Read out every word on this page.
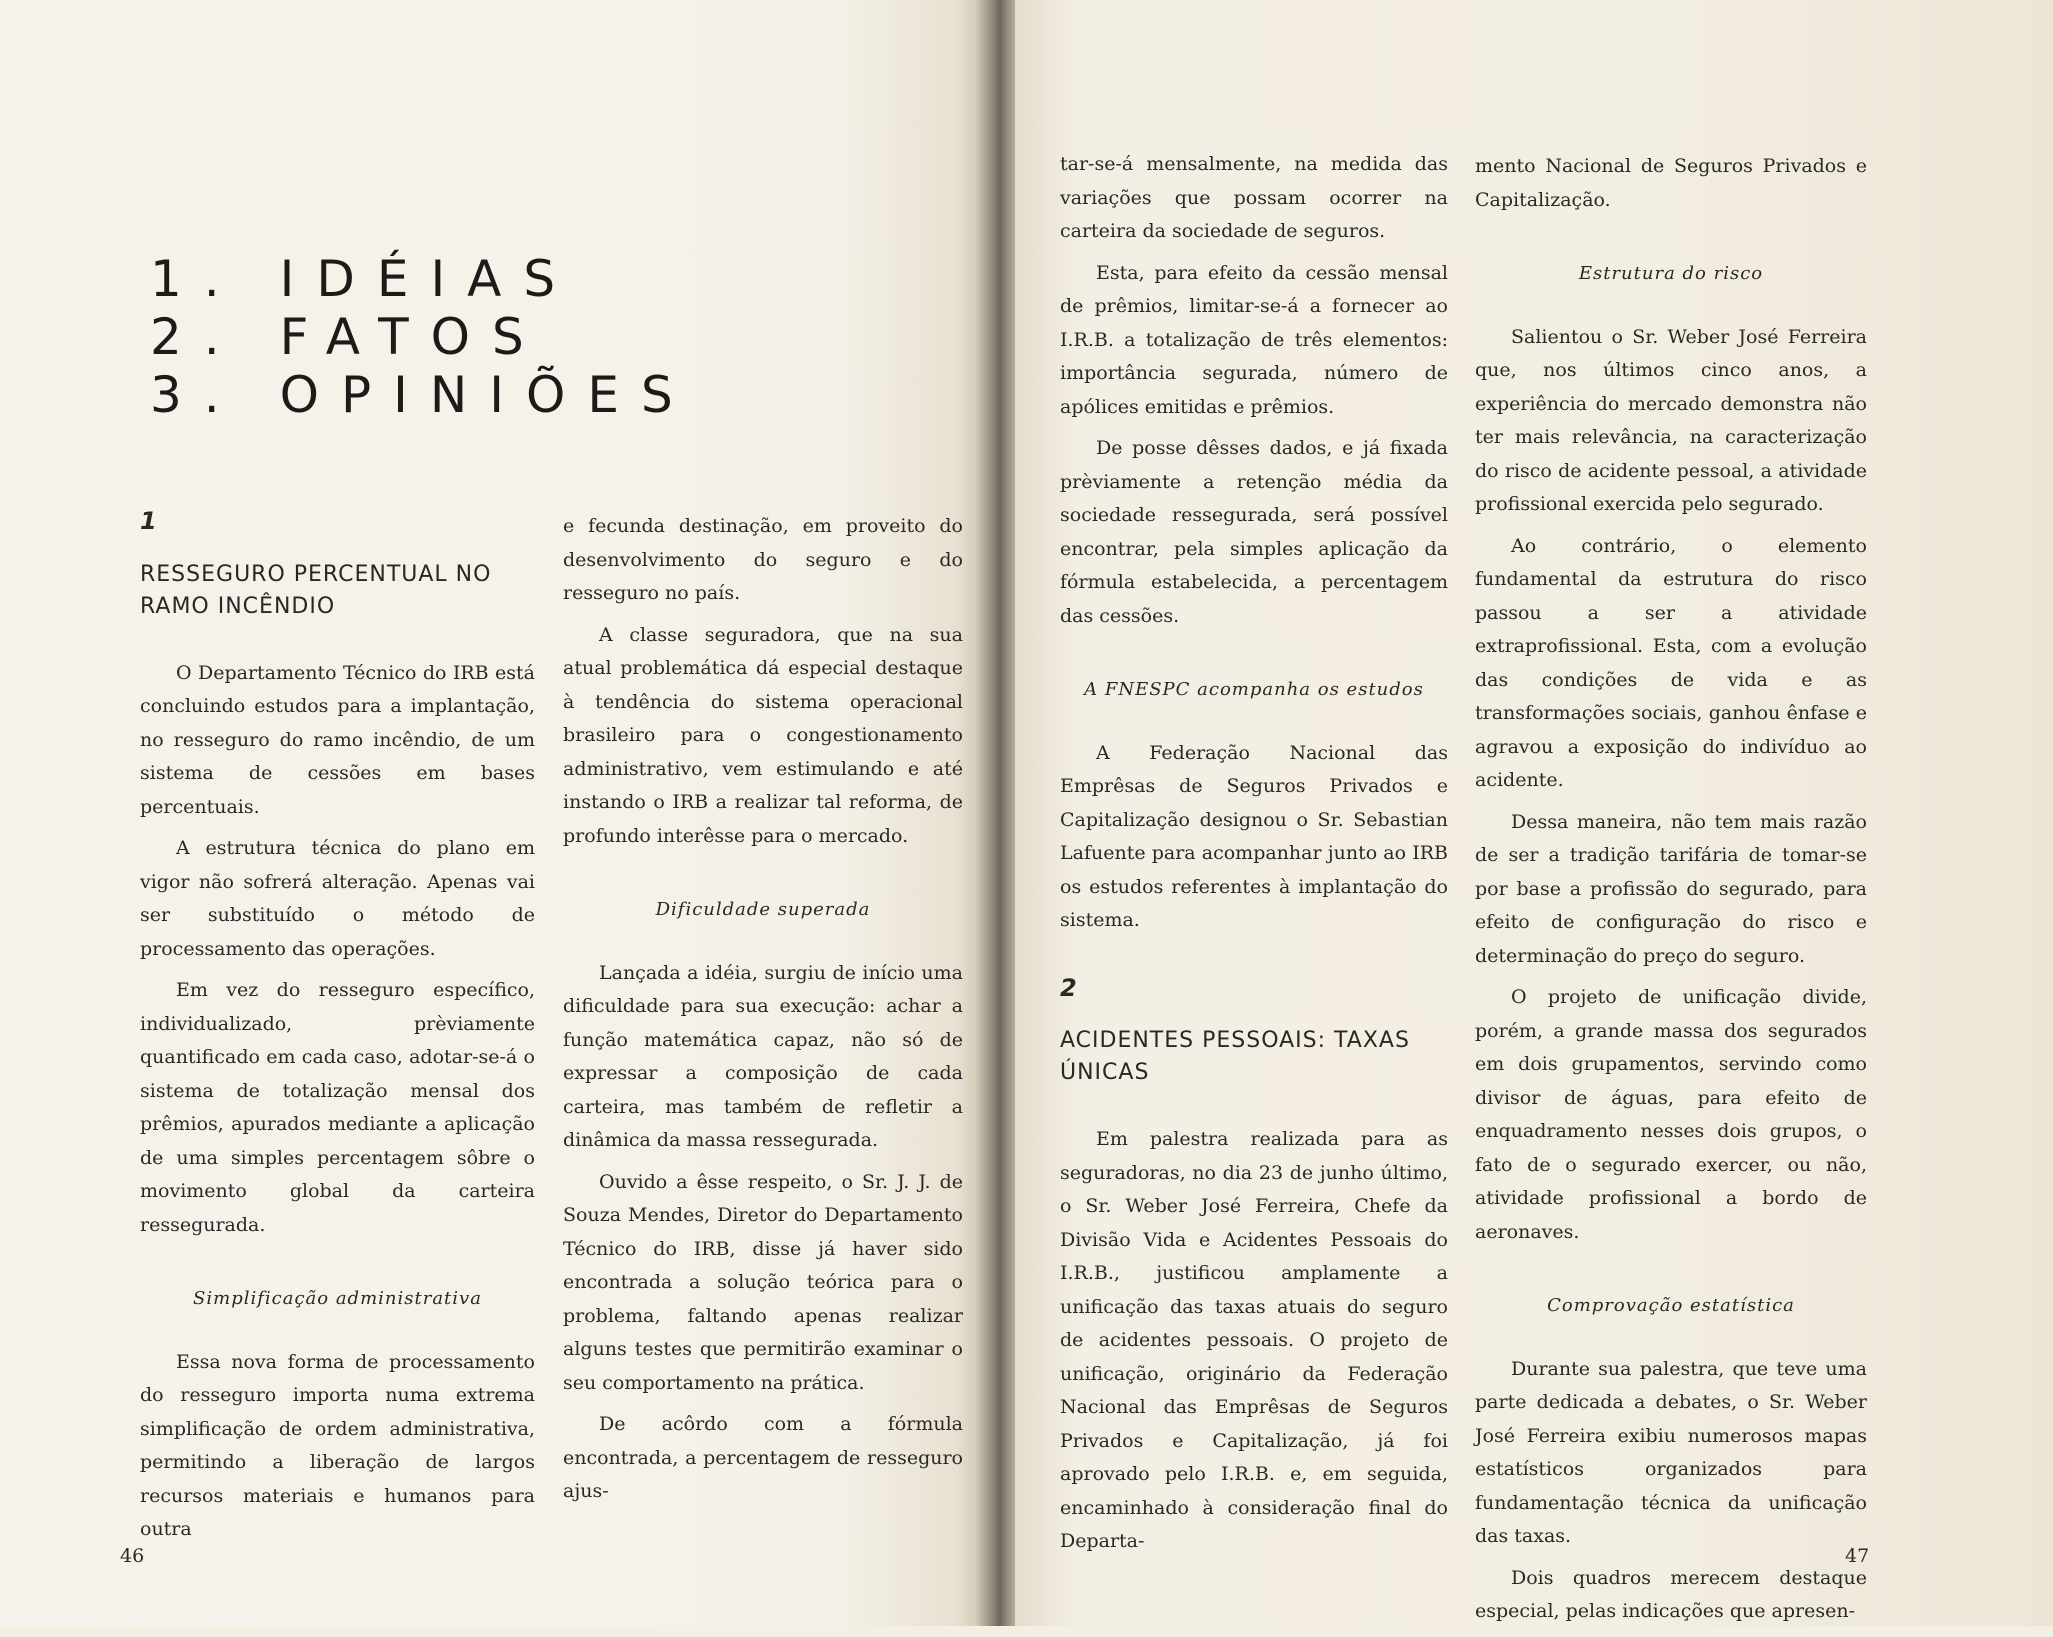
1. IDÉIAS
2. FATOS
3. OPINIÕES
1
RESSEGURO PERCENTUAL NO RAMO INCÊNDIO

O Departamento Técnico do IRB está concluindo estudos para a implantação, no resseguro do ramo incêndio, de um sistema de cessões em bases percentuais.

A estrutura técnica do plano em vigor não sofrerá alteração. Apenas vai ser substituído o método de processamento das operações.

Em vez do resseguro específico, individualizado, prèviamente quantificado em cada caso, adotar-se-á o sistema de totalização mensal dos prêmios, apurados mediante a aplicação de uma simples percentagem sôbre o movimento global da carteira ressegurada.

Simplificação administrativa

Essa nova forma de processamento do resseguro importa numa extrema simplificação de ordem administrativa, permitindo a liberação de largos recursos materiais e humanos para outra

e fecunda destinação, em proveito do desenvolvimento do seguro e do resseguro no país.

A classe seguradora, que na sua atual problemática dá especial destaque à tendência do sistema operacional brasileiro para o congestionamento administrativo, vem estimulando e até instando o IRB a realizar tal reforma, de profundo interêsse para o mercado.

Dificuldade superada

Lançada a idéia, surgiu de início uma dificuldade para sua execução: achar a função matemática capaz, não só de expressar a composição de cada carteira, mas também de refletir a dinâmica da massa ressegurada.

Ouvido a êsse respeito, o Sr. J. J. de Souza Mendes, Diretor do Departamento Técnico do IRB, disse já haver sido encontrada a solução teórica para o problema, faltando apenas realizar alguns testes que permitirão examinar o seu comportamento na prática.

De acôrdo com a fórmula encontrada, a percentagem de resseguro ajus-

46

tar-se-á mensalmente, na medida das variações que possam ocorrer na carteira da sociedade de seguros.

Esta, para efeito da cessão mensal de prêmios, limitar-se-á a fornecer ao I.R.B. a totalização de três elementos: importância segurada, número de apólices emitidas e prêmios.

De posse dêsses dados, e já fixada prèviamente a retenção média da sociedade ressegurada, será possível encontrar, pela simples aplicação da fórmula estabelecida, a percentagem das cessões.

A FNESPC acompanha os estudos

A Federação Nacional das Emprêsas de Seguros Privados e Capitalização designou o Sr. Sebastian Lafuente para acompanhar junto ao IRB os estudos referentes à implantação do sistema.

2
ACIDENTES PESSOAIS: TAXAS ÚNICAS

Em palestra realizada para as seguradoras, no dia 23 de junho último, o Sr. Weber José Ferreira, Chefe da Divisão Vida e Acidentes Pessoais do I.R.B., justificou amplamente a unificação das taxas atuais do seguro de acidentes pessoais. O projeto de unificação, originário da Federação Nacional das Emprêsas de Seguros Privados e Capitalização, já foi aprovado pelo I.R.B. e, em seguida, encaminhado à consideração final do Departa-

mento Nacional de Seguros Privados e Capitalização.

Estrutura do risco

Salientou o Sr. Weber José Ferreira que, nos últimos cinco anos, a experiência do mercado demonstra não ter mais relevância, na caracterização do risco de acidente pessoal, a atividade profissional exercida pelo segurado.

Ao contrário, o elemento fundamental da estrutura do risco passou a ser a atividade extraprofissional. Esta, com a evolução das condições de vida e as transformações sociais, ganhou ênfase e agravou a exposição do indivíduo ao acidente.

Dessa maneira, não tem mais razão de ser a tradição tarifária de tomar-se por base a profissão do segurado, para efeito de configuração do risco e determinação do preço do seguro.

O projeto de unificação divide, porém, a grande massa dos segurados em dois grupamentos, servindo como divisor de águas, para efeito de enquadramento nesses dois grupos, o fato de o segurado exercer, ou não, atividade profissional a bordo de aeronaves.

Comprovação estatística

Durante sua palestra, que teve uma parte dedicada a debates, o Sr. Weber José Ferreira exibiu numerosos mapas estatísticos organizados para fundamentação técnica da unificação das taxas.

Dois quadros merecem destaque especial, pelas indicações que apresen-

47
